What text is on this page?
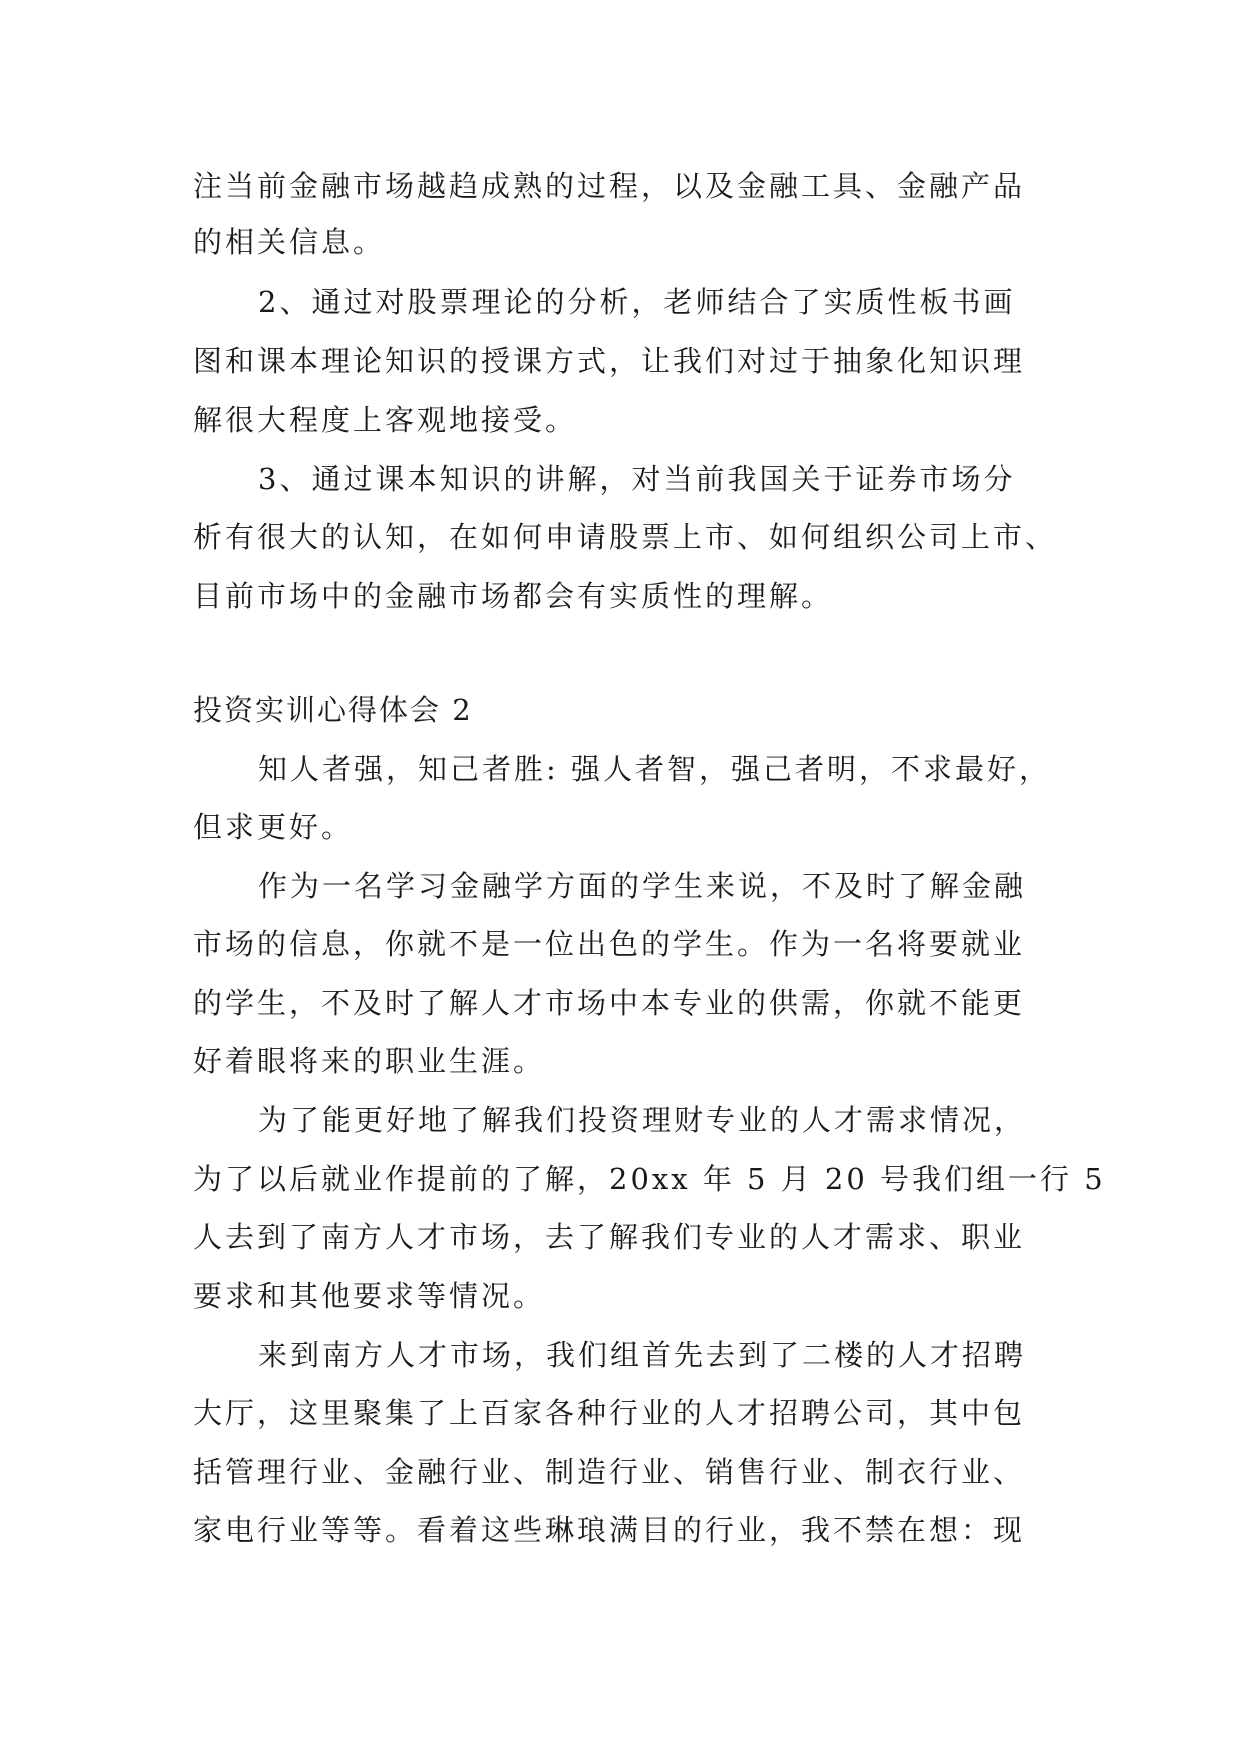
注当前金融市场越趋成熟的过程，以及金融工具、金融产品
的相关信息。
2、通过对股票理论的分析，老师结合了实质性板书画
图和课本理论知识的授课方式，让我们对过于抽象化知识理
解很大程度上客观地接受。
3、通过课本知识的讲解，对当前我国关于证券市场分
析有很大的认知，在如何申请股票上市、如何组织公司上市、
目前市场中的金融市场都会有实质性的理解。
投资实训心得体会 2
知人者强，知己者胜: 强人者智，强己者明，不求最好，
但求更好。
作为一名学习金融学方面的学生来说，不及时了解金融
市场的信息，你就不是一位出色的学生。作为一名将要就业
的学生，不及时了解人才市场中本专业的供需，你就不能更
好着眼将来的职业生涯。
为了能更好地了解我们投资理财专业的人才需求情况，
为了以后就业作提前的了解，20xx 年 5 月 20 号我们组一行 5
人去到了南方人才市场，去了解我们专业的人才需求、职业
要求和其他要求等情况。
来到南方人才市场，我们组首先去到了二楼的人才招聘
大厅，这里聚集了上百家各种行业的人才招聘公司，其中包
括管理行业、金融行业、制造行业、销售行业、制衣行业、
家电行业等等。看着这些琳琅满目的行业，我不禁在想：现
